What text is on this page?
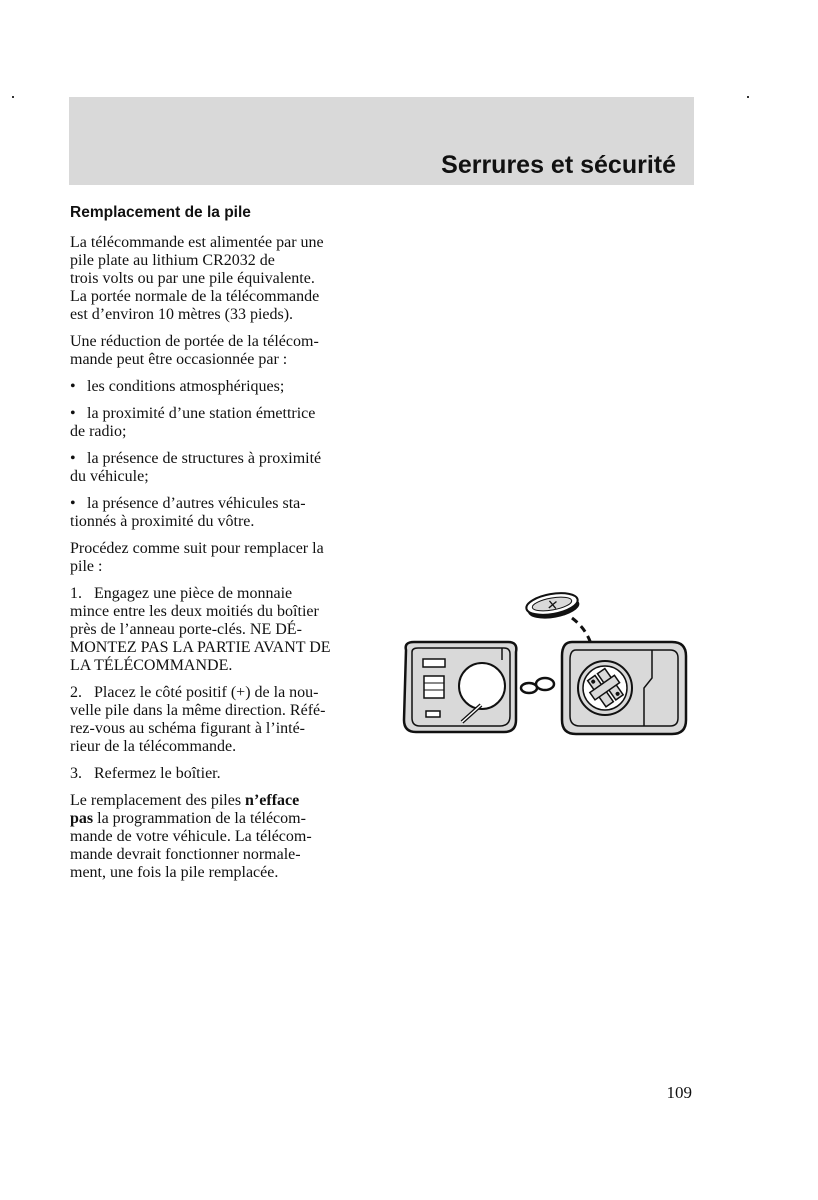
Serrures et sécurité
Remplacement de la pile

La télécommande est alimentée par une
pile plate au lithium CR2032 de
trois volts ou par une pile équivalente.
La portée normale de la télécommande
est d’environ 10 mètres (33 pieds).

Une réduction de portée de la télécom-
mande peut être occasionnée par :

• les conditions atmosphériques;

• la proximité d’une station émettrice
de radio;

• la présence de structures à proximité
du véhicule;

• la présence d’autres véhicules sta-
tionnés à proximité du vôtre.

Procédez comme suit pour remplacer la
pile :

1.   Engagez une pièce de monnaie
mince entre les deux moitiés du boîtier
près de l’anneau porte-clés. NE DÉ-
MONTEZ PAS LA PARTIE AVANT DE
LA TÉLÉCOMMANDE.

2.   Placez le côté positif (+) de la nou-
velle pile dans la même direction. Réfé-
rez-vous au schéma figurant à l’inté-
rieur de la télécommande.

3.   Refermez le boîtier.

Le remplacement des piles n’efface
pas la programmation de la télécom-
mande de votre véhicule. La télécom-
mande devrait fonctionner normale-
ment, une fois la pile remplacée.

+
109
